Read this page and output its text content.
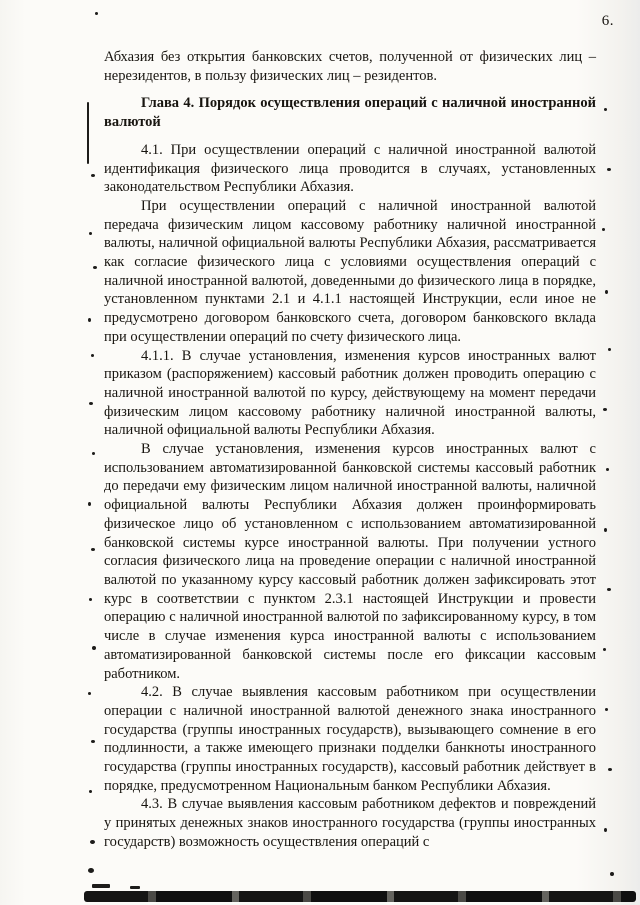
6.

Абхазия без открытия банковских счетов, полученной от физических лиц – нерезидентов, в пользу физических лиц – резидентов.

Глава 4. Порядок осуществления операций с наличной иностранной валютой

4.1. При осуществлении операций с наличной иностранной валютой идентификация физического лица проводится в случаях, установленных законодательством Республики Абхазия.

При осуществлении операций с наличной иностранной валютой передача физическим лицом кассовому работнику наличной иностранной валюты, наличной официальной валюты Республики Абхазия, рассматривается как согласие физического лица с условиями осуществления операций с наличной иностранной валютой, доведенными до физического лица в порядке, установленном пунктами 2.1 и 4.1.1 настоящей Инструкции, если иное не предусмотрено договором банковского счета, договором банковского вклада при осуществлении операций по счету физического лица.

4.1.1. В случае установления, изменения курсов иностранных валют приказом (распоряжением) кассовый работник должен проводить операцию с наличной иностранной валютой по курсу, действующему на момент передачи физическим лицом кассовому работнику наличной иностранной валюты, наличной официальной валюты Республики Абхазия.

В случае установления, изменения курсов иностранных валют с использованием автоматизированной банковской системы кассовый работник до передачи ему физическим лицом наличной иностранной валюты, наличной официальной валюты Республики Абхазия должен проинформировать физическое лицо об установленном с использованием автоматизированной банковской системы курсе иностранной валюты. При получении устного согласия физического лица на проведение операции с наличной иностранной валютой по указанному курсу кассовый работник должен зафиксировать этот курс в соответствии с пунктом 2.3.1 настоящей Инструкции и провести операцию с наличной иностранной валютой по зафиксированному курсу, в том числе в случае изменения курса иностранной валюты с использованием автоматизированной банковской системы после его фиксации кассовым работником.

4.2. В случае выявления кассовым работником при осуществлении операции с наличной иностранной валютой денежного знака иностранного государства (группы иностранных государств), вызывающего сомнение в его подлинности, а также имеющего признаки подделки банкноты иностранного государства (группы иностранных государств), кассовый работник действует в порядке, предусмотренном Национальным банком Республики Абхазия.

4.3. В случае выявления кассовым работником дефектов и повреждений у принятых денежных знаков иностранного государства (группы иностранных государств) возможность осуществления операций с
